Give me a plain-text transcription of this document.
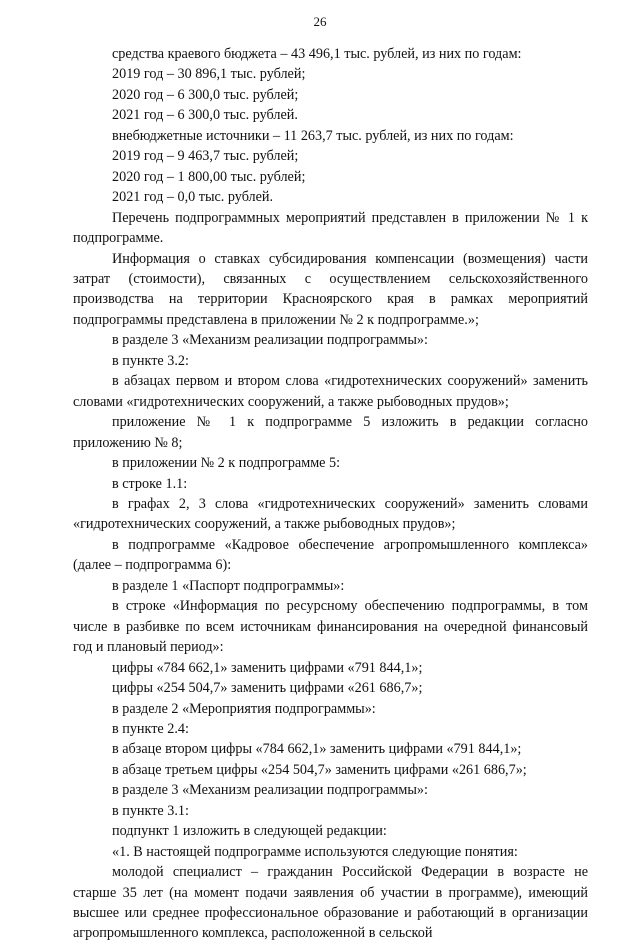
26
средства краевого бюджета – 43 496,1 тыс. рублей, из них по годам:
2019 год – 30 896,1 тыс. рублей;
2020 год – 6 300,0 тыс. рублей;
2021 год – 6 300,0 тыс. рублей.
внебюджетные источники – 11 263,7 тыс. рублей, из них по годам:
2019 год – 9 463,7 тыс. рублей;
2020 год – 1 800,00 тыс. рублей;
2021 год – 0,0 тыс. рублей.
Перечень подпрограммных мероприятий представлен в приложении № 1 к подпрограмме.
Информация о ставках субсидирования компенсации (возмещения) части затрат (стоимости), связанных с осуществлением сельскохозяйственного производства на территории Красноярского края в рамках мероприятий подпрограммы представлена в приложении № 2 к подпрограмме.»;
в разделе 3 «Механизм реализации подпрограммы»:
в пункте 3.2:
в абзацах первом и втором слова «гидротехнических сооружений» заменить словами «гидротехнических сооружений, а также рыбоводных прудов»;
приложение № 1 к подпрограмме 5 изложить в редакции согласно приложению № 8;
в приложении № 2 к подпрограмме 5:
в строке 1.1:
в графах 2, 3 слова «гидротехнических сооружений» заменить словами «гидротехнических сооружений, а также рыбоводных прудов»;
в подпрограмме «Кадровое обеспечение агропромышленного комплекса» (далее – подпрограмма 6):
в разделе 1 «Паспорт подпрограммы»:
в строке «Информация по ресурсному обеспечению подпрограммы, в том числе в разбивке по всем источникам финансирования на очередной финансовый год и плановый период»:
цифры «784 662,1» заменить цифрами «791 844,1»;
цифры «254 504,7» заменить цифрами «261 686,7»;
в разделе 2 «Мероприятия подпрограммы»:
в пункте 2.4:
в абзаце втором цифры «784 662,1» заменить цифрами «791 844,1»;
в абзаце третьем цифры «254 504,7» заменить цифрами «261 686,7»;
в разделе 3 «Механизм реализации подпрограммы»:
в пункте 3.1:
подпункт 1 изложить в следующей редакции:
«1. В настоящей подпрограмме используются следующие понятия:
молодой специалист – гражданин Российской Федерации в возрасте не старше 35 лет (на момент подачи заявления об участии в программе), имеющий высшее или среднее профессиональное образование и работающий в организации агропромышленного комплекса, расположенной в сельской
